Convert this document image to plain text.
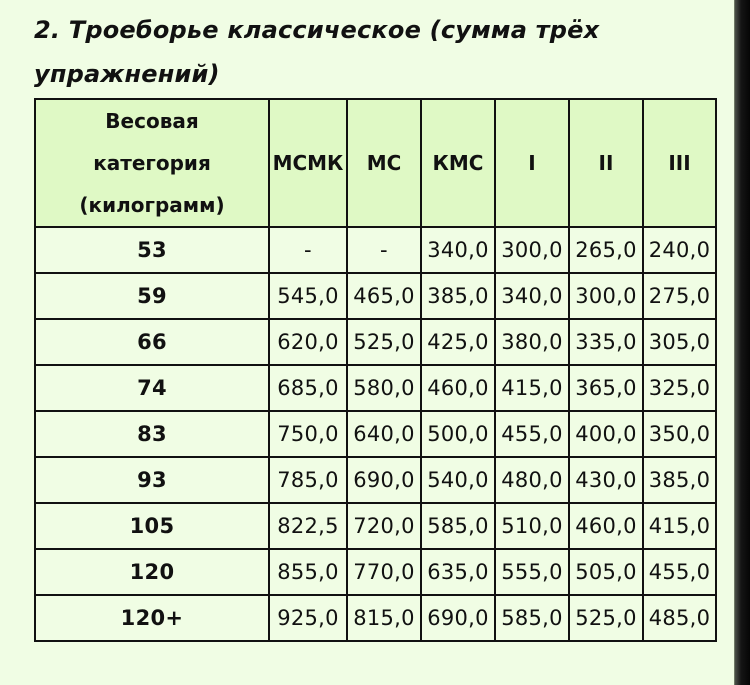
2. Троеборье классическое (сумма трёх упражнений)
Весовая
категория
(килограмм)	МСМК	МС	КМС	I	II	III
53	-	-	340,0	300,0	265,0	240,0
59	545,0	465,0	385,0	340,0	300,0	275,0
66	620,0	525,0	425,0	380,0	335,0	305,0
74	685,0	580,0	460,0	415,0	365,0	325,0
83	750,0	640,0	500,0	455,0	400,0	350,0
93	785,0	690,0	540,0	480,0	430,0	385,0
105	822,5	720,0	585,0	510,0	460,0	415,0
120	855,0	770,0	635,0	555,0	505,0	455,0
120+	925,0	815,0	690,0	585,0	525,0	485,0
